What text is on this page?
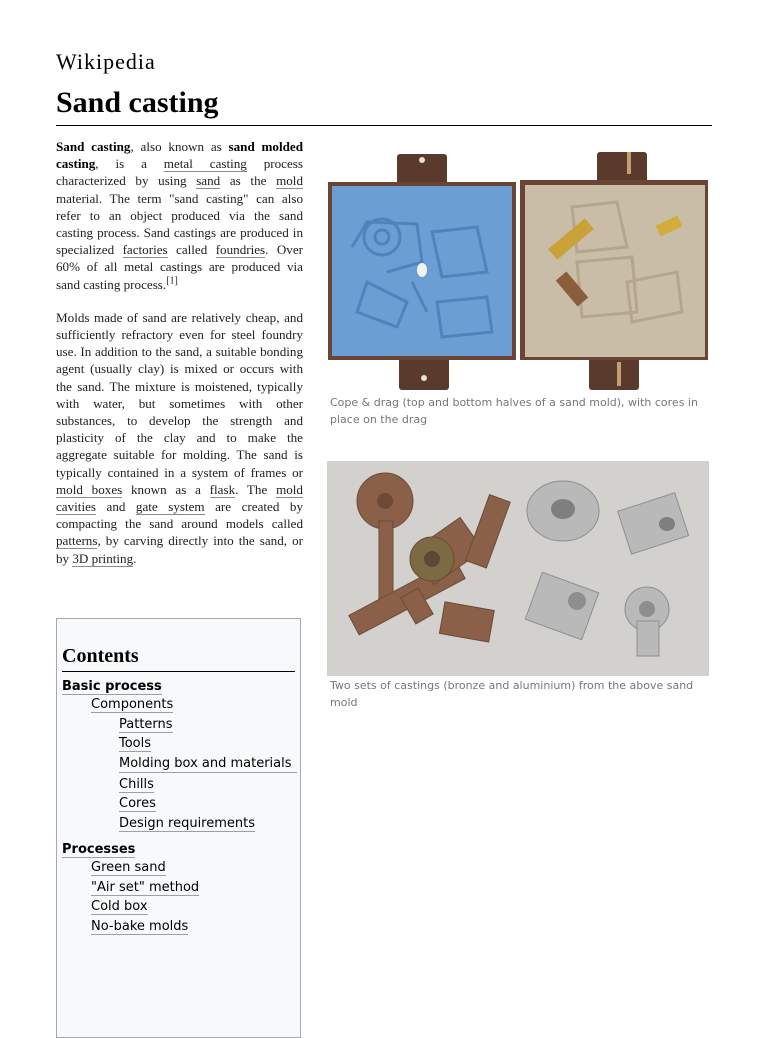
Wikipedia
Sand casting

Sand casting, also known as sand molded casting, is a metal casting process characterized by using sand as the mold material. The term "sand casting" can also refer to an object produced via the sand casting process. Sand castings are produced in specialized factories called foundries. Over 60% of all metal castings are produced via sand casting process.[1]

Molds made of sand are relatively cheap, and sufficiently refractory even for steel foundry use. In addition to the sand, a suitable bonding agent (usually clay) is mixed or occurs with the sand. The mixture is moistened, typically with water, but sometimes with other substances, to develop the strength and plasticity of the clay and to make the aggregate suitable for molding. The sand is typically contained in a system of frames or mold boxes known as a flask. The mold cavities and gate system are created by compacting the sand around models called patterns, by carving directly into the sand, or by 3D printing.

Contents
Basic process
Components
Patterns
Tools
Molding box and materials
Chills
Cores
Design requirements
Processes
Green sand
"Air set" method
Cold box
No-bake molds
Cope & drag (top and bottom halves of a sand mold), with cores in place on the drag
Two sets of castings (bronze and aluminium) from the above sand mold
